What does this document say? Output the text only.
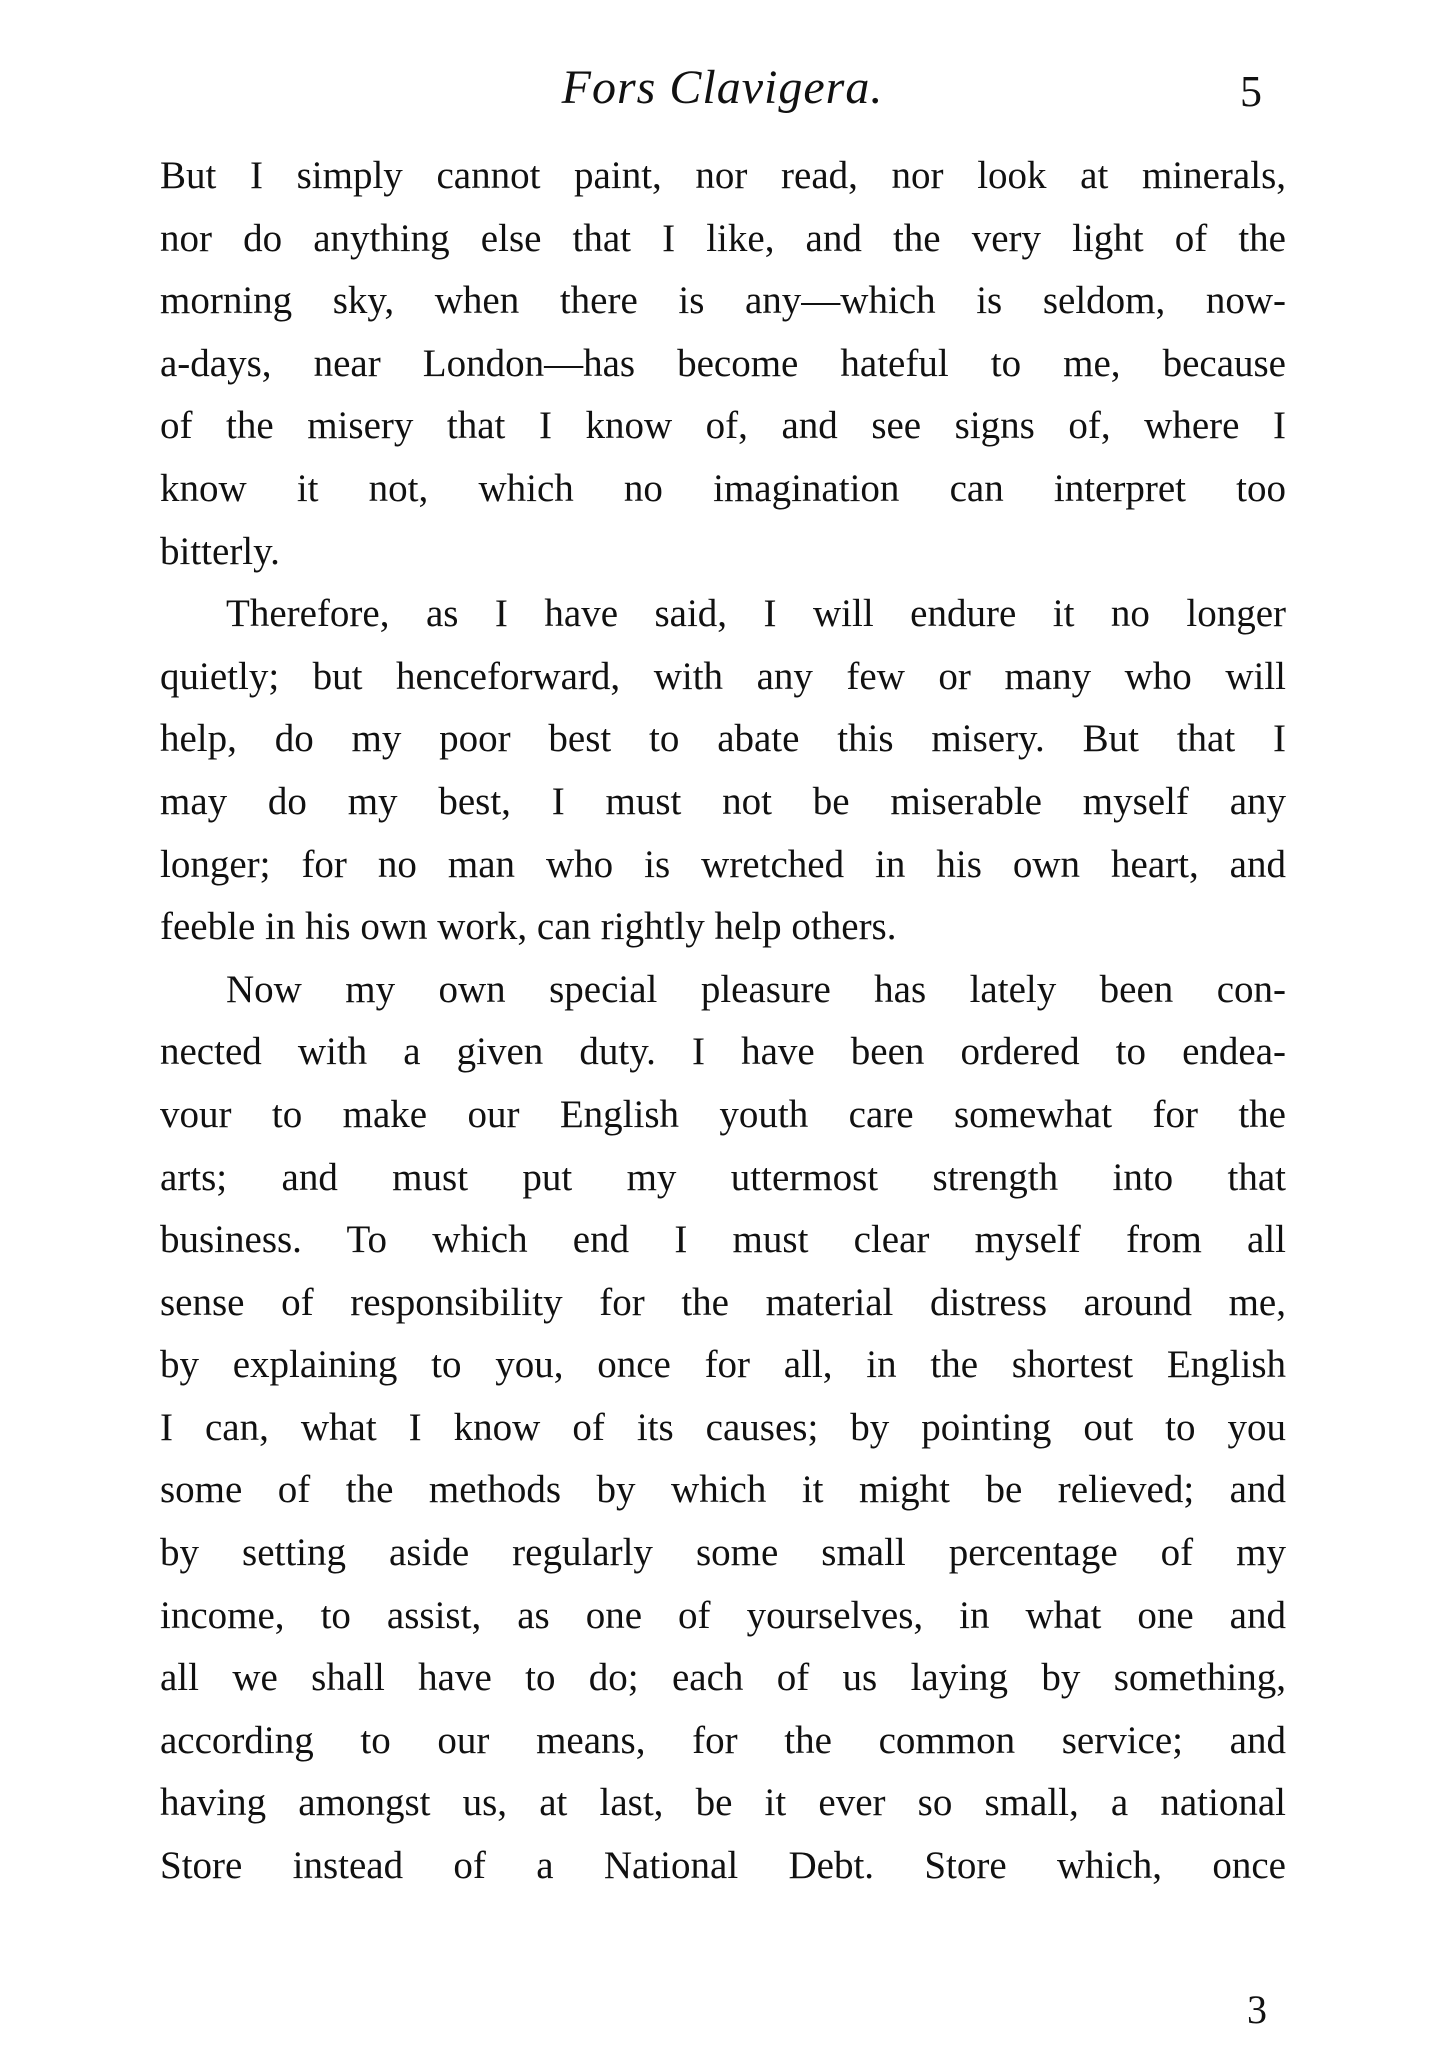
Fors Clavigera.	5
But I simply cannot paint, nor read, nor look at minerals,
nor do anything else that I like, and the very light of the
morning sky, when there is any—which is seldom, now-
a-days, near London—has become hateful to me, because
of the misery that I know of, and see signs of, where I
know it not, which no imagination can interpret too
bitterly.
Therefore, as I have said, I will endure it no longer
quietly; but henceforward, with any few or many who will
help, do my poor best to abate this misery. But that I
may do my best, I must not be miserable myself any
longer; for no man who is wretched in his own heart, and
feeble in his own work, can rightly help others.
Now my own special pleasure has lately been con-
nected with a given duty. I have been ordered to endea-
vour to make our English youth care somewhat for the
arts; and must put my uttermost strength into that
business. To which end I must clear myself from all
sense of responsibility for the material distress around me,
by explaining to you, once for all, in the shortest English
I can, what I know of its causes; by pointing out to you
some of the methods by which it might be relieved; and
by setting aside regularly some small percentage of my
income, to assist, as one of yourselves, in what one and
all we shall have to do; each of us laying by something,
according to our means, for the common service; and
having amongst us, at last, be it ever so small, a national
Store instead of a National Debt. Store which, once
3
